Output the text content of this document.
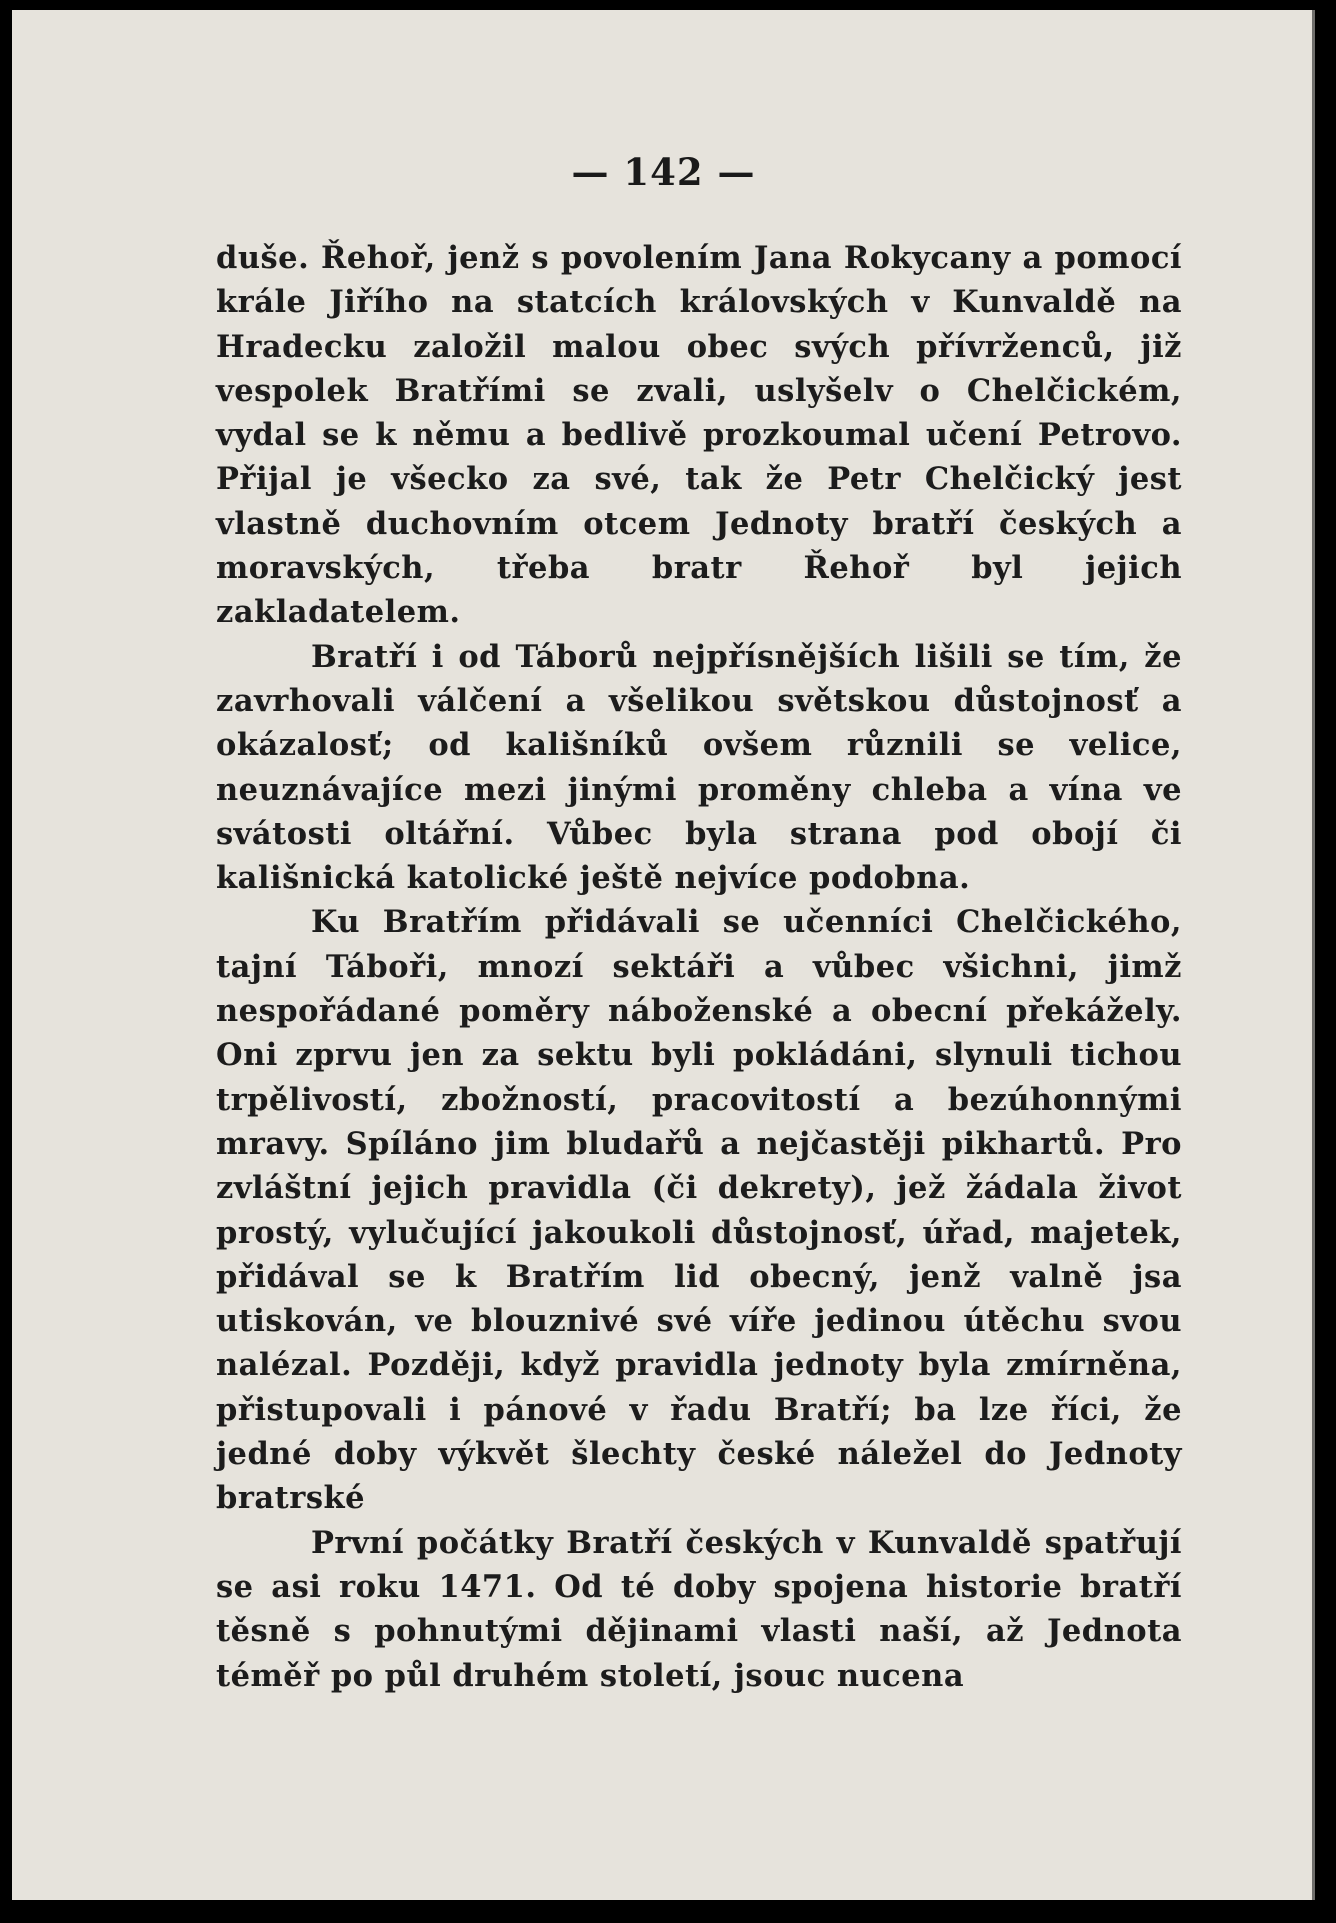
— 142 —

duše. Řehoř, jenž s povolením Jana Rokycany a pomocí krále Jiřího na statcích královských v Kunvaldě na Hradecku založil malou obec svých přívrženců, již vespolek Bratřími se zvali, uslyšelv o Chelčickém, vydal se k němu a bedlivě prozkoumal učení Petrovo. Přijal je všecko za své, tak že Petr Chelčický jest vlastně duchovním otcem Jednoty bratří českých a moravských, třeba bratr Řehoř byl jejich zakladatelem.

Bratří i od Táborů nejpřísnějších lišili se tím, že zavrhovali válčení a všelikou světskou důstojnosť a okázalosť; od kališníků ovšem různili se velice, neuznávajíce mezi jinými proměny chleba a vína ve svátosti oltářní. Vůbec byla strana pod obojí či kališnická katolické ještě nejvíce podobna.

Ku Bratřím přidávali se učenníci Chelčického, tajní Táboři, mnozí sektáři a vůbec všichni, jimž nespořádané poměry náboženské a obecní překážely. Oni zprvu jen za sektu byli pokládáni, slynuli tichou trpělivostí, zbožností, pracovitostí a bezúhonnými mravy. Spíláno jim bludařů a nejčastěji pikhartů. Pro zvláštní jejich pravidla (či dekrety), jež žádala život prostý, vylučující jakoukoli důstojnosť, úřad, majetek, přidával se k Bratřím lid obecný, jenž valně jsa utiskován, ve blouznivé své víře jedinou útěchu svou nalézal. Později, když pravidla jednoty byla zmírněna, přistupovali i pánové v řadu Bratří; ba lze říci, že jedné doby výkvět šlechty české náležel do Jednoty bratrské

První počátky Bratří českých v Kunvaldě spatřují se asi roku 1471. Od té doby spojena historie bratří těsně s pohnutými dějinami vlasti naší, až Jednota téměř po půl druhém století, jsouc nucena
